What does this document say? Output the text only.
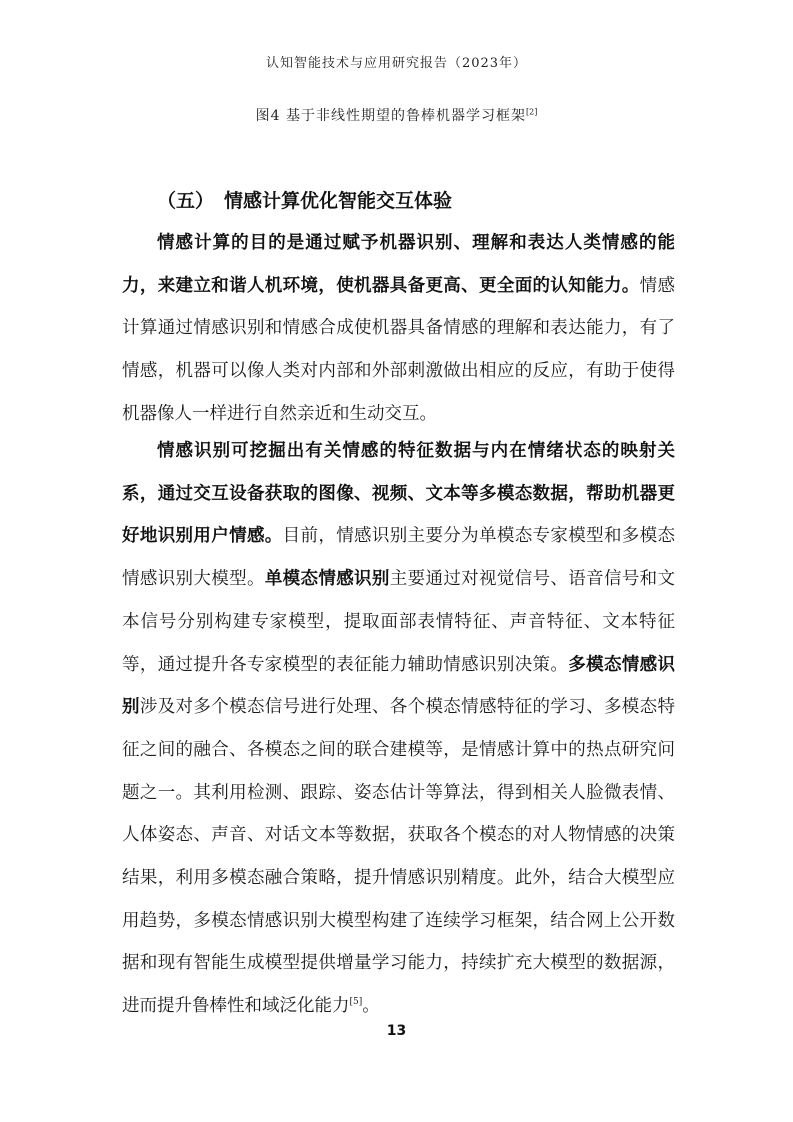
认知智能技术与应用研究报告（2023年）
图4 基于非线性期望的鲁棒机器学习框架[2]
（五） 情感计算优化智能交互体验

情感计算的目的是通过赋予机器识别、理解和表达人类情感的能力，来建立和谐人机环境，使机器具备更高、更全面的认知能力。情感计算通过情感识别和情感合成使机器具备情感的理解和表达能力，有了情感，机器可以像人类对内部和外部刺激做出相应的反应，有助于使得机器像人一样进行自然亲近和生动交互。

情感识别可挖掘出有关情感的特征数据与内在情绪状态的映射关系，通过交互设备获取的图像、视频、文本等多模态数据，帮助机器更好地识别用户情感。目前，情感识别主要分为单模态专家模型和多模态情感识别大模型。单模态情感识别主要通过对视觉信号、语音信号和文本信号分别构建专家模型，提取面部表情特征、声音特征、文本特征等，通过提升各专家模型的表征能力辅助情感识别决策。多模态情感识别涉及对多个模态信号进行处理、各个模态情感特征的学习、多模态特征之间的融合、各模态之间的联合建模等，是情感计算中的热点研究问题之一。其利用检测、跟踪、姿态估计等算法，得到相关人脸微表情、人体姿态、声音、对话文本等数据，获取各个模态的对人物情感的决策结果，利用多模态融合策略，提升情感识别精度。此外，结合大模型应用趋势，多模态情感识别大模型构建了连续学习框架，结合网上公开数据和现有智能生成模型提供增量学习能力，持续扩充大模型的数据源，进而提升鲁棒性和域泛化能力[5]。

13
